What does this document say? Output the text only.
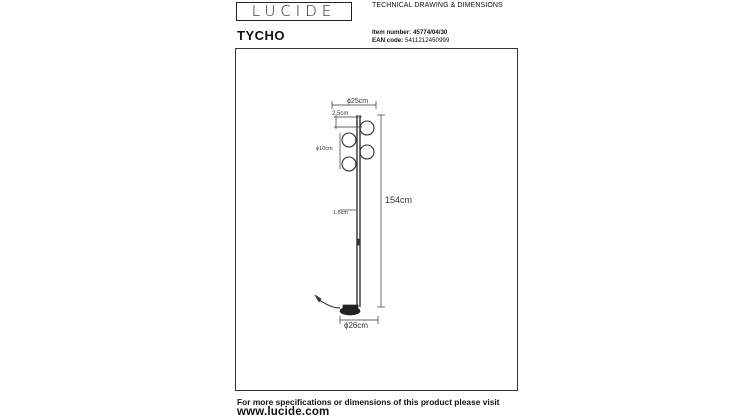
LUCIDE	TECHNICAL DRAWING & DIMENSIONS
TYCHO	Item number: 45774/04/30
EAN code: 5411212450999
ϕ25cm
2.5cm
ϕ10cm
1.6cm
154cm
ϕ26cm
For more specifications or dimensions of this product please visit
www.lucide.com
